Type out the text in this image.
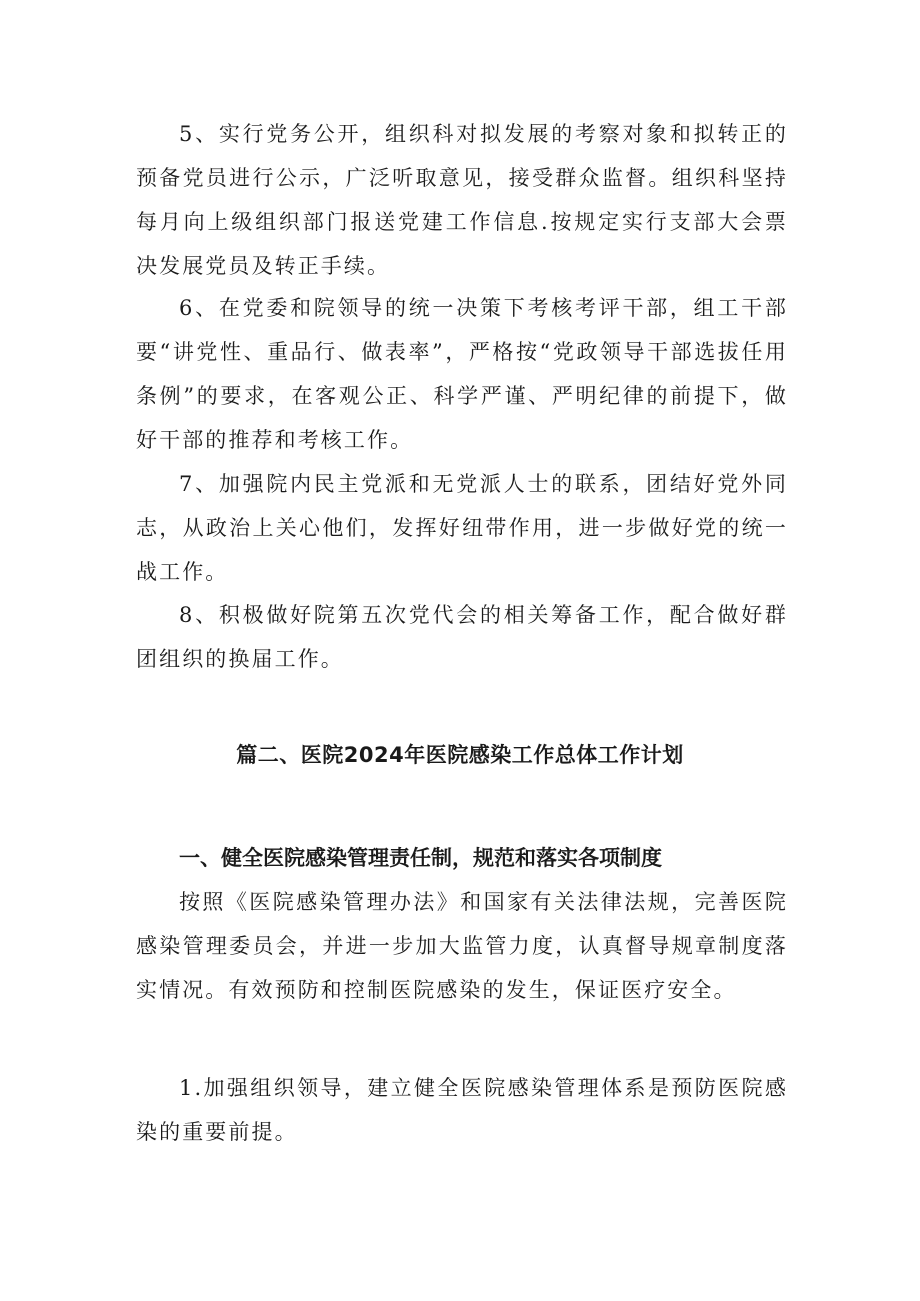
5、实行党务公开，组织科对拟发展的考察对象和拟转正的预备党员进行公示，广泛听取意见，接受群众监督。组织科坚持每月向上级组织部门报送党建工作信息.按规定实行支部大会票决发展党员及转正手续。

6、在党委和院领导的统一决策下考核考评干部，组工干部要“讲党性、重品行、做表率”，严格按“党政领导干部选拔任用条例”的要求，在客观公正、科学严谨、严明纪律的前提下，做好干部的推荐和考核工作。

7、加强院内民主党派和无党派人士的联系，团结好党外同志，从政治上关心他们，发挥好纽带作用，进一步做好党的统一战工作。

8、积极做好院第五次党代会的相关筹备工作，配合做好群团组织的换届工作。

篇二、医院2024年医院感染工作总体工作计划
一、健全医院感染管理责任制，规范和落实各项制度

按照《医院感染管理办法》和国家有关法律法规，完善医院感染管理委员会，并进一步加大监管力度，认真督导规章制度落实情况。有效预防和控制医院感染的发生，保证医疗安全。

1.加强组织领导，建立健全医院感染管理体系是预防医院感染的重要前提。
